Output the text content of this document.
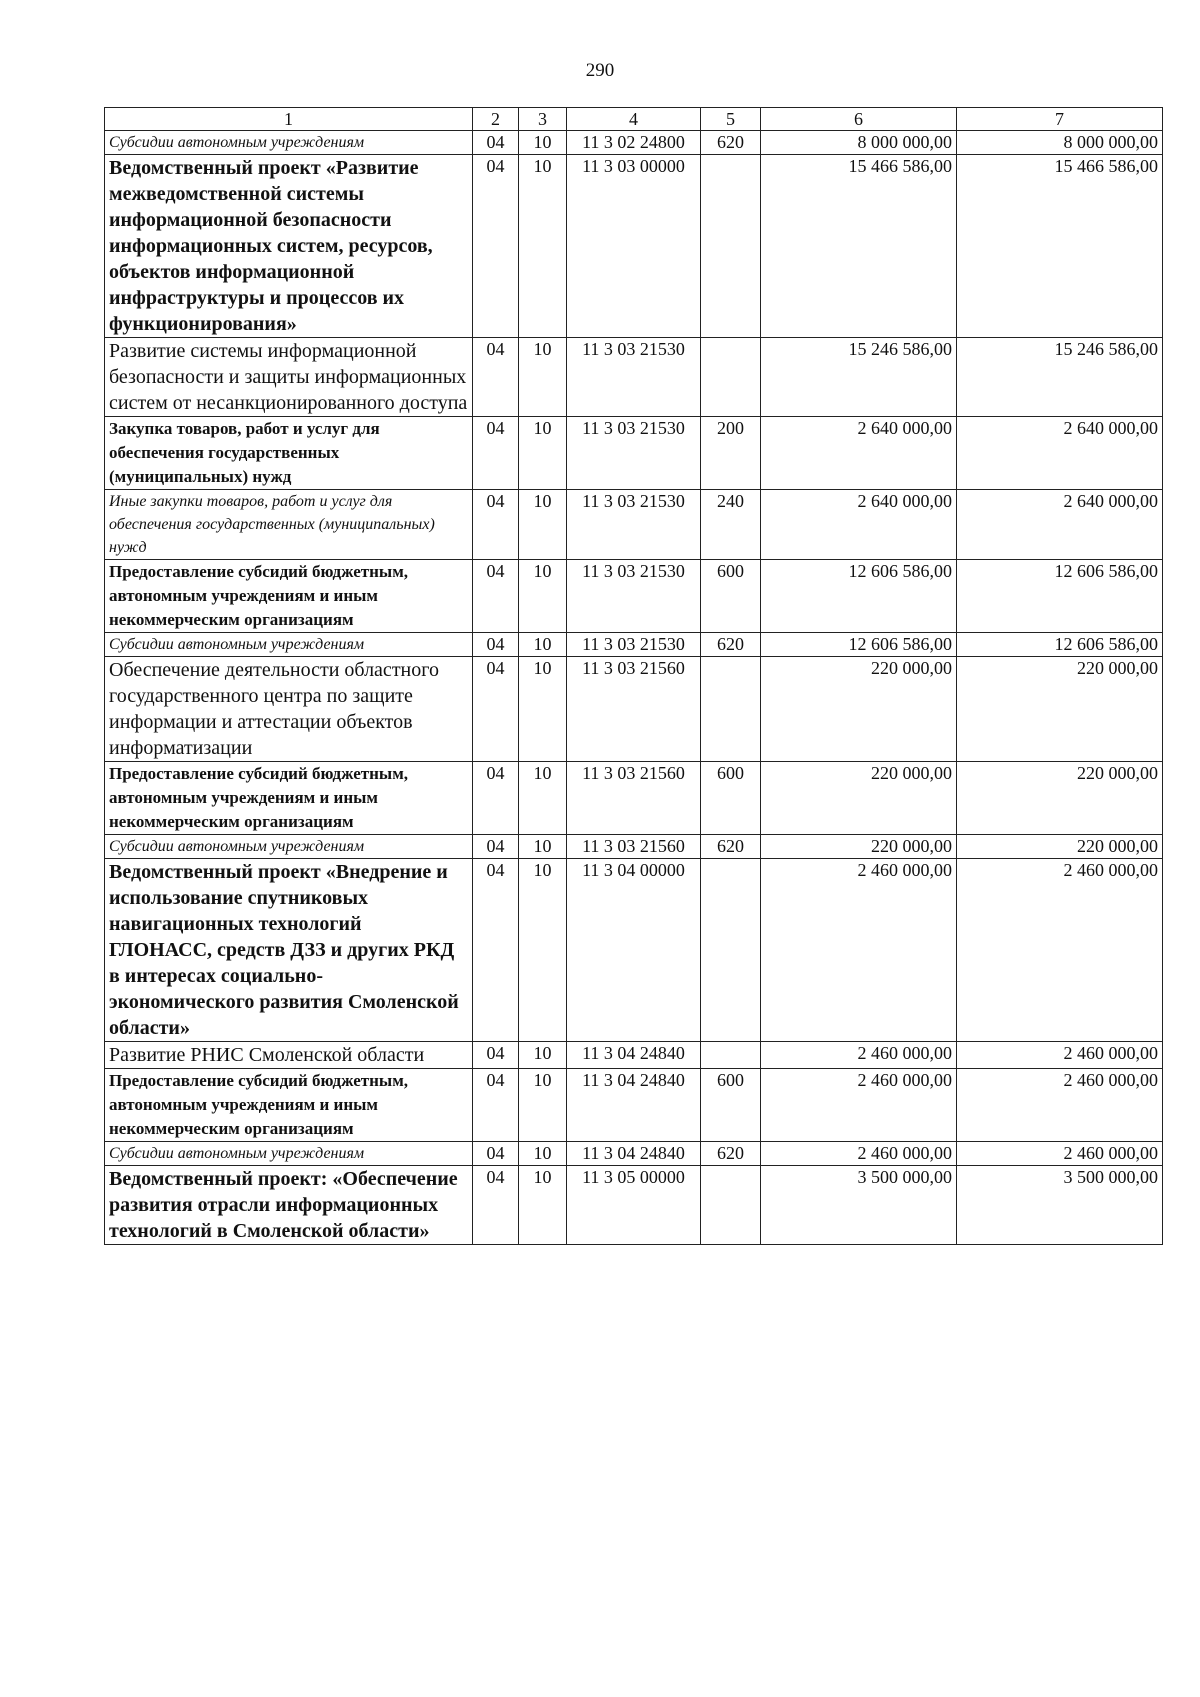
290
1	2	3	4	5	6	7
Субсидии автономным учреждениям	04	10	11 3 02 24800	620	8 000 000,00	8 000 000,00
Ведомственный проект «Развитие межведомственной системы информационной безопасности информационных систем, ресурсов, объектов информационной инфраструктуры и процессов их функционирования»	04	10	11 3 03 00000		15 466 586,00	15 466 586,00
Развитие системы информационной безопасности и защиты информационных систем от несанкционированного доступа	04	10	11 3 03 21530		15 246 586,00	15 246 586,00
Закупка товаров, работ и услуг для обеспечения государственных (муниципальных) нужд	04	10	11 3 03 21530	200	2 640 000,00	2 640 000,00
Иные закупки товаров, работ и услуг для обеспечения государственных (муниципальных) нужд	04	10	11 3 03 21530	240	2 640 000,00	2 640 000,00
Предоставление субсидий бюджетным, автономным учреждениям и иным некоммерческим организациям	04	10	11 3 03 21530	600	12 606 586,00	12 606 586,00
Субсидии автономным учреждениям	04	10	11 3 03 21530	620	12 606 586,00	12 606 586,00
Обеспечение деятельности областного государственного центра по защите информации и аттестации объектов информатизации	04	10	11 3 03 21560		220 000,00	220 000,00
Предоставление субсидий бюджетным, автономным учреждениям и иным некоммерческим организациям	04	10	11 3 03 21560	600	220 000,00	220 000,00
Субсидии автономным учреждениям	04	10	11 3 03 21560	620	220 000,00	220 000,00
Ведомственный проект «Внедрение и использование спутниковых навигационных технологий ГЛОНАСС, средств ДЗЗ и других РКД в интересах социально-экономического развития Смоленской области»	04	10	11 3 04 00000		2 460 000,00	2 460 000,00
Развитие РНИС Смоленской области	04	10	11 3 04 24840		2 460 000,00	2 460 000,00
Предоставление субсидий бюджетным, автономным учреждениям и иным некоммерческим организациям	04	10	11 3 04 24840	600	2 460 000,00	2 460 000,00
Субсидии автономным учреждениям	04	10	11 3 04 24840	620	2 460 000,00	2 460 000,00
Ведомственный проект: «Обеспечение развития отрасли информационных технологий в Смоленской области»	04	10	11 3 05 00000		3 500 000,00	3 500 000,00
